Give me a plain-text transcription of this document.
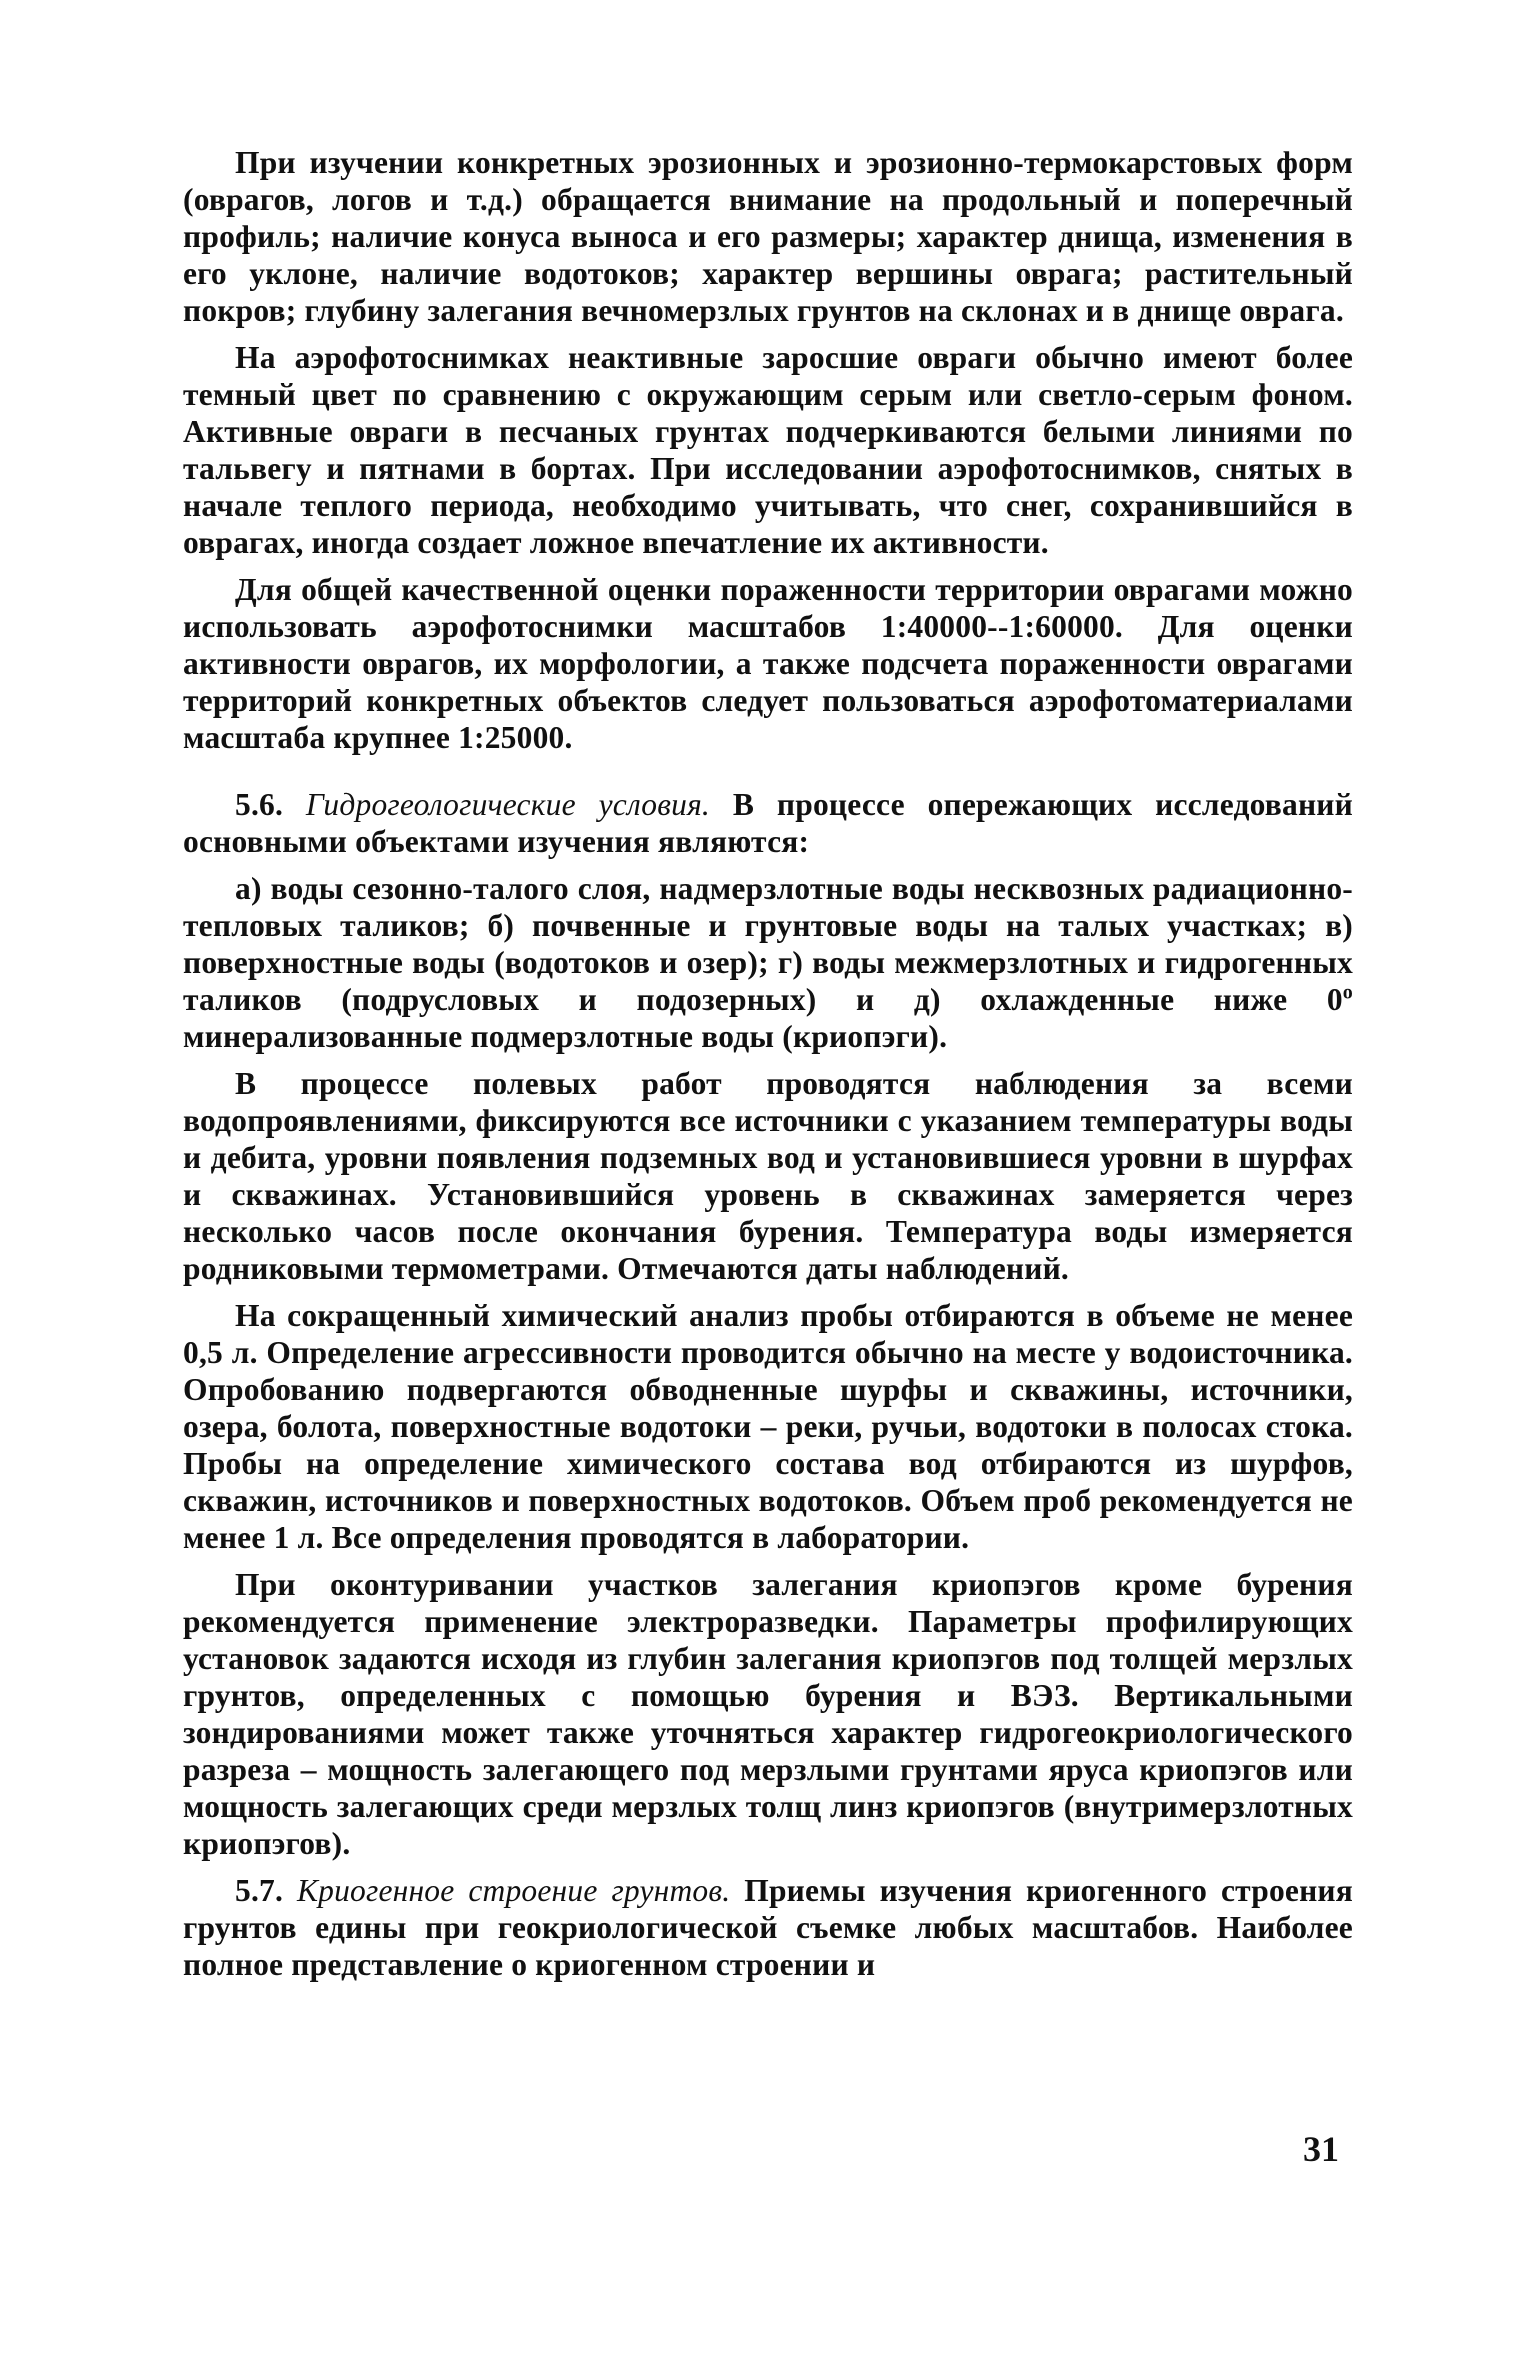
При изучении конкретных эрозионных и эрозионно-термокарстовых форм (оврагов, логов и т.д.) обращается внимание на продольный и поперечный профиль; наличие конуса выноса и его размеры; характер днища, изменения в его уклоне, наличие водотоков; характер вершины оврага; растительный покров; глубину залегания вечномерзлых грунтов на склонах и в днище оврага.

На аэрофотоснимках неактивные заросшие овраги обычно имеют более темный цвет по сравнению с окружающим серым или светло-серым фоном. Активные овраги в песчаных грунтах подчеркиваются белыми линиями по тальвегу и пятнами в бортах. При исследовании аэрофотоснимков, снятых в начале теплого периода, необходимо учитывать, что снег, сохранившийся в оврагах, иногда создает ложное впечатление их активности.

Для общей качественной оценки пораженности территории оврагами можно использовать аэрофотоснимки масштабов 1:40000--1:60000. Для оценки активности оврагов, их морфологии, а также подсчета пораженности оврагами территорий конкретных объектов следует пользоваться аэрофотоматериалами масштаба крупнее 1:25000.

5.6. Гидрогеологические условия. В процессе опережающих исследований основными объектами изучения являются:

а) воды сезонно-талого слоя, надмерзлотные воды несквозных радиационно-тепловых таликов; б) почвенные и грунтовые воды на талых участках; в) поверхностные воды (водотоков и озер); г) воды межмерзлотных и гидрогенных таликов (подрусловых и подозерных) и д) охлажденные ниже $0^о$ минерализованные подмерзлотные воды (криопэги).

В процессе полевых работ проводятся наблюдения за всеми водопроявлениями, фиксируются все источники с указанием температуры воды и дебита, уровни появления подземных вод и установившиеся уровни в шурфах и скважинах. Установившийся уровень в скважинах замеряется через несколько часов после окончания бурения. Температура воды измеряется родниковыми термометрами. Отмечаются даты наблюдений.

На сокращенный химический анализ пробы отбираются в объеме не менее 0,5 л. Определение агрессивности проводится обычно на месте у водоисточника. Опробованию подвергаются обводненные шурфы и скважины, источники, озера, болота, поверхностные водотоки – реки, ручьи, водотоки в полосах стока. Пробы на определение химического состава вод отбираются из шурфов, скважин, источников и поверхностных водотоков. Объем проб рекомендуется не менее 1 л. Все определения проводятся в лаборатории.

При оконтуривании участков залегания криопэгов кроме бурения рекомендуется применение электроразведки. Параметры профилирующих установок задаются исходя из глубин залегания криопэгов под толщей мерзлых грунтов, определенных с помощью бурения и ВЭЗ. Вертикальными зондированиями может также уточняться характер гидрогеокриологического разреза – мощность залегающего под мерзлыми грунтами яруса криопэгов или мощность залегающих среди мерзлых толщ линз криопэгов (внутримерзлотных криопэгов).

5.7. Криогенное строение грунтов. Приемы изучения криогенного строения грунтов едины при геокриологической съемке любых масштабов. Наиболее полное представление о криогенном строении и

31
